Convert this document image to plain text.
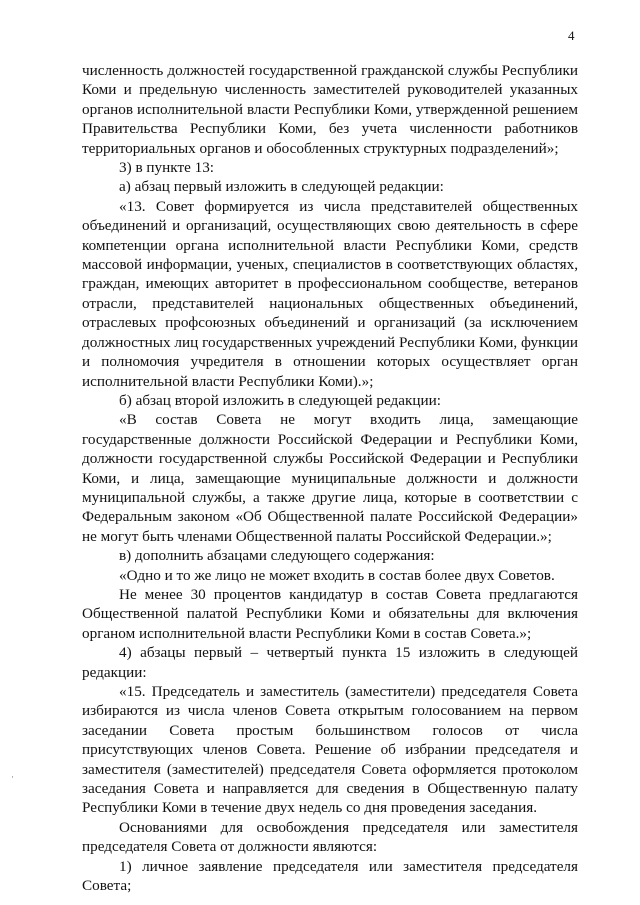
4

численность должностей государственной гражданской службы Республики Коми и предельную численность заместителей руководителей указанных органов исполнительной власти Республики Коми, утвержденной решением Правительства Республики Коми, без учета численности работников территориальных органов и обособленных структурных подразделений»;

3) в пункте 13:

а) абзац первый изложить в следующей редакции:

«13. Совет формируется из числа представителей общественных объединений и организаций, осуществляющих свою деятельность в сфере компетенции органа исполнительной власти Республики Коми, средств массовой информации, ученых, специалистов в соответствующих областях, граждан, имеющих авторитет в профессиональном сообществе, ветеранов отрасли, представителей национальных общественных объединений, отраслевых профсоюзных объединений и организаций (за исключением должностных лиц государственных учреждений Республики Коми, функции и полномочия учредителя в отношении которых осуществляет орган исполнительной власти Республики Коми).»;

б) абзац второй изложить в следующей редакции:

«В состав Совета не могут входить лица, замещающие государственные должности Российской Федерации и Республики Коми, должности государственной службы Российской Федерации и Республики Коми, и лица, замещающие муниципальные должности и должности муниципальной службы, а также другие лица, которые в соответствии с Федеральным законом «Об Общественной палате Российской Федерации» не могут быть членами Общественной палаты Российской Федерации.»;

в) дополнить абзацами следующего содержания:

«Одно и то же лицо не может входить в состав более двух Советов.

Не менее 30 процентов кандидатур в состав Совета предлагаются Общественной палатой Республики Коми и обязательны для включения органом исполнительной власти Республики Коми в состав Совета.»;

4) абзацы первый – четвертый пункта 15 изложить в следующей редакции:

«15. Председатель и заместитель (заместители) председателя Совета избираются из числа членов Совета открытым голосованием на первом заседании Совета простым большинством голосов от числа присутствующих членов Совета. Решение об избрании председателя и заместителя (заместителей) председателя Совета оформляется протоколом заседания Совета и направляется для сведения в Общественную палату Республики Коми в течение двух недель со дня проведения заседания.

Основаниями для освобождения председателя или заместителя председателя Совета от должности являются:

1) личное заявление председателя или заместителя председателя Совета;

·
